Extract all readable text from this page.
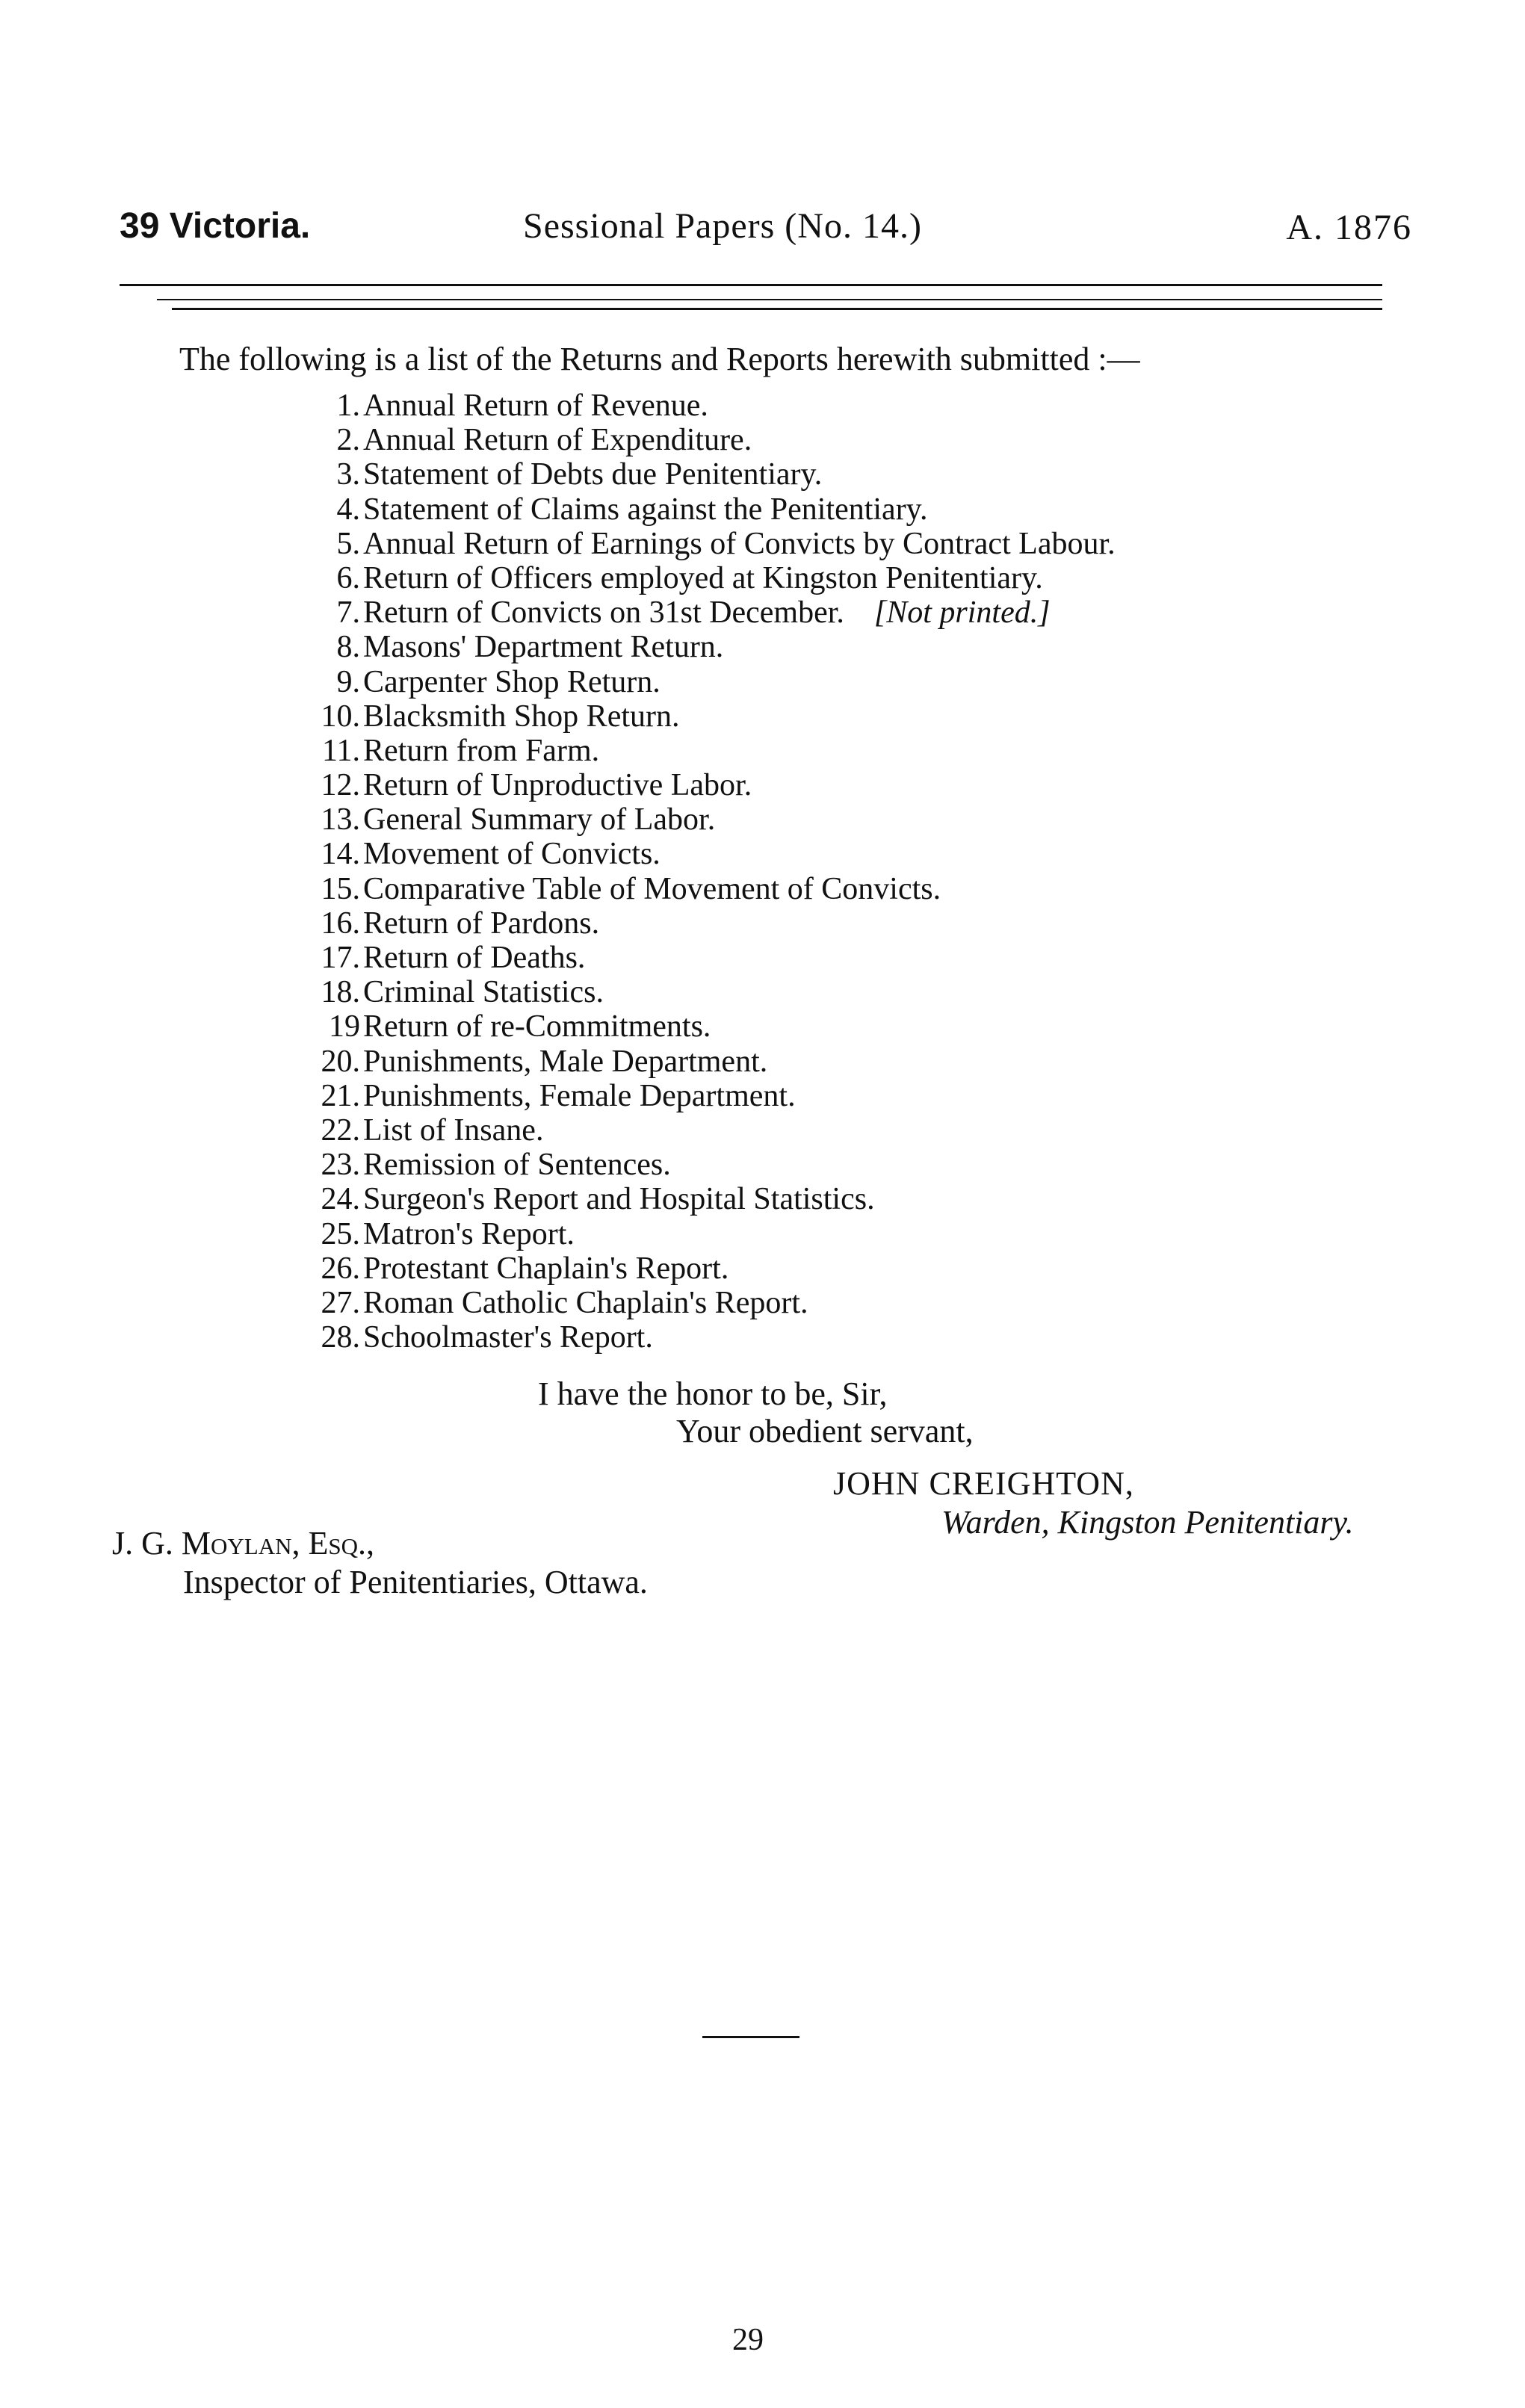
39 Victoria.	Sessional Papers (No. 14.)	A. 1876
The following is a list of the Returns and Reports herewith submitted :—
1.Annual Return of Revenue.
2.Annual Return of Expenditure.
3.Statement of Debts due Penitentiary.
4.Statement of Claims against the Penitentiary.
5.Annual Return of Earnings of Convicts by Contract Labour.
6.Return of Officers employed at Kingston Penitentiary.
7.Return of Convicts on 31st December. [Not printed.]
8.Masons' Department Return.
9.Carpenter Shop Return.
10.Blacksmith Shop Return.
11.Return from Farm.
12.Return of Unproductive Labor.
13.General Summary of Labor.
14.Movement of Convicts.
15.Comparative Table of Movement of Convicts.
16.Return of Pardons.
17.Return of Deaths.
18.Criminal Statistics.
19Return of re-Commitments.
20.Punishments, Male Department.
21.Punishments, Female Department.
22.List of Insane.
23.Remission of Sentences.
24.Surgeon's Report and Hospital Statistics.
25.Matron's Report.
26.Protestant Chaplain's Report.
27.Roman Catholic Chaplain's Report.
28.Schoolmaster's Report.
I have the honor to be, Sir,
Your obedient servant,
JOHN CREIGHTON,
Warden, Kingston Penitentiary.
J. G. Moylan, Esq.,
Inspector of Penitentiaries, Ottawa.
29
